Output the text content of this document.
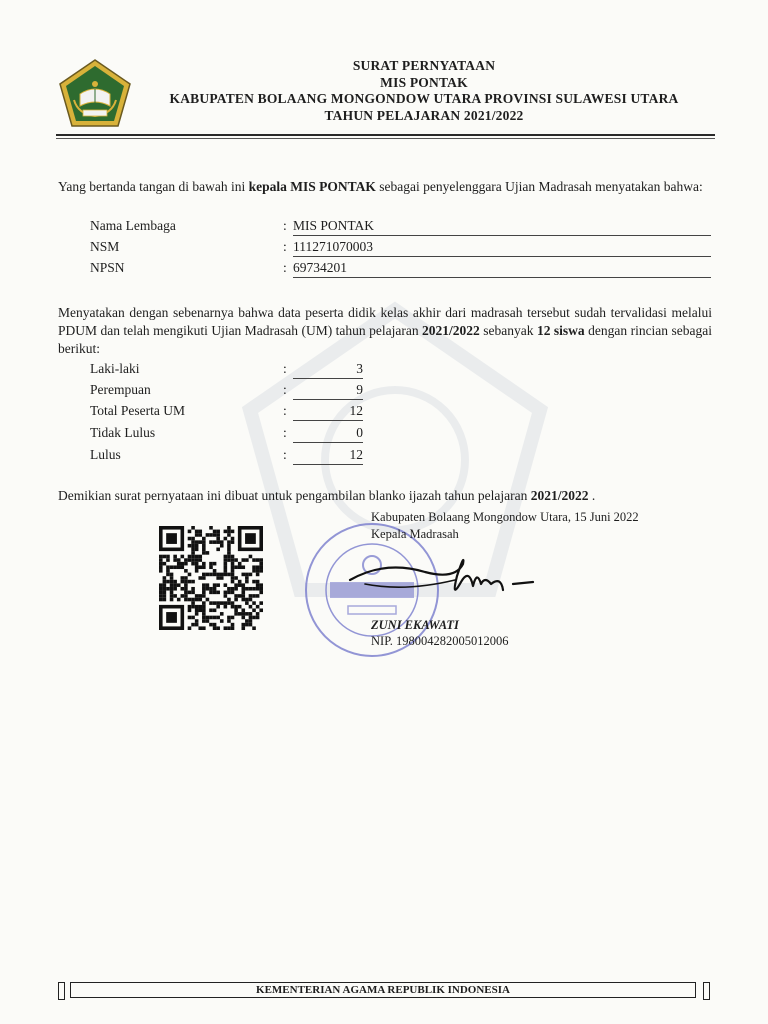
SURAT PERNYATAAN
MIS PONTAK
KABUPATEN BOLAANG MONGONDOW UTARA PROVINSI SULAWESI UTARA
TAHUN PELAJARAN 2021/2022
Yang bertanda tangan di bawah ini kepala MIS PONTAK sebagai penyelenggara Ujian Madrasah menyatakan bahwa:
Nama Lembaga	: MIS PONTAK
NSM	: 111271070003
NPSN	: 69734201
Menyatakan dengan sebenarnya bahwa data peserta didik kelas akhir dari madrasah tersebut sudah tervalidasi melalui PDUM dan telah mengikuti Ujian Madrasah (UM) tahun pelajaran 2021/2022 sebanyak 12 siswa dengan rincian sebagai berikut:
Laki-laki	:	3
Perempuan	:	9
Total Peserta UM	:	12
Tidak Lulus	:	0
Lulus	:	12
Demikian surat pernyataan ini dibuat untuk pengambilan blanko ijazah tahun pelajaran 2021/2022 .
Kabupaten Bolaang Mongondow Utara, 15 Juni 2022
Kepala Madrasah
ZUNI EKAWATI
NIP. 198004282005012006
KEMENTERIAN AGAMA REPUBLIK INDONESIA
